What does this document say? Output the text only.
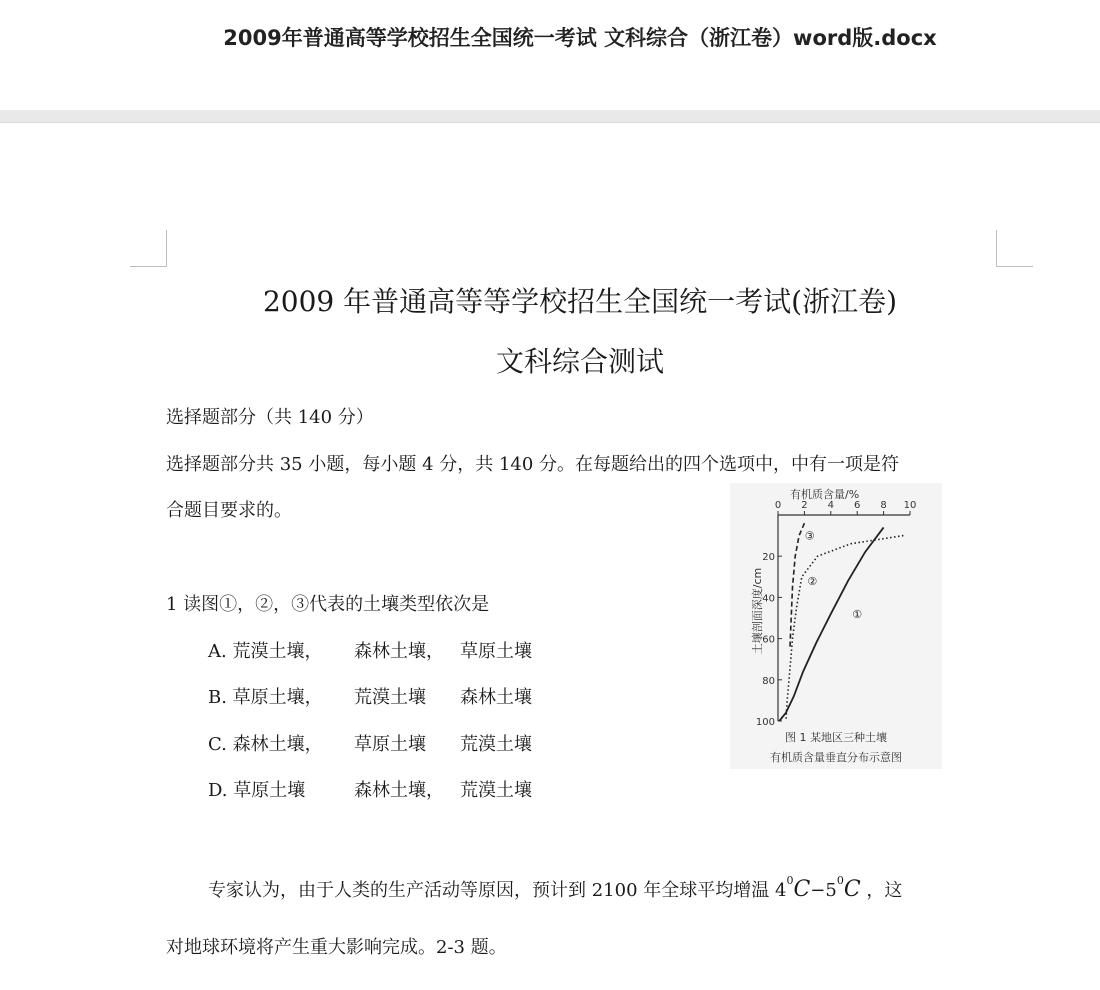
2009年普通高等学校招生全国统一考试 文科综合（浙江卷）word版.docx
2009 年普通高等等学校招生全国统一考试(浙江卷)
文科综合测试
选择题部分（共 140 分）
选择题部分共 35 小题，每小题 4 分，共 140 分。在每题给出的四个选项中，中有一项是符
合题目要求的。
1 读图①，②，③代表的土壤类型依次是
A. 荒漠土壤， 森林土壤， 草原土壤
B. 草原土壤， 荒漠土壤 森林土壤
C. 森林土壤， 草原土壤 荒漠土壤
D. 草原土壤	森林土壤， 荒漠土壤
有机质含量/%
土壤剖面深度/cm
0 2 4 6 8 10
20
40
60
80
100
①
②
③
图 1 某地区三种土壤
有机质含量垂直分布示意图
专家认为，由于人类的生产活动等原因，预计到 2100 年全球平均增温 $4^0C-5^0C$ ，这
对地球环境将产生重大影响完成。2-3 题。
